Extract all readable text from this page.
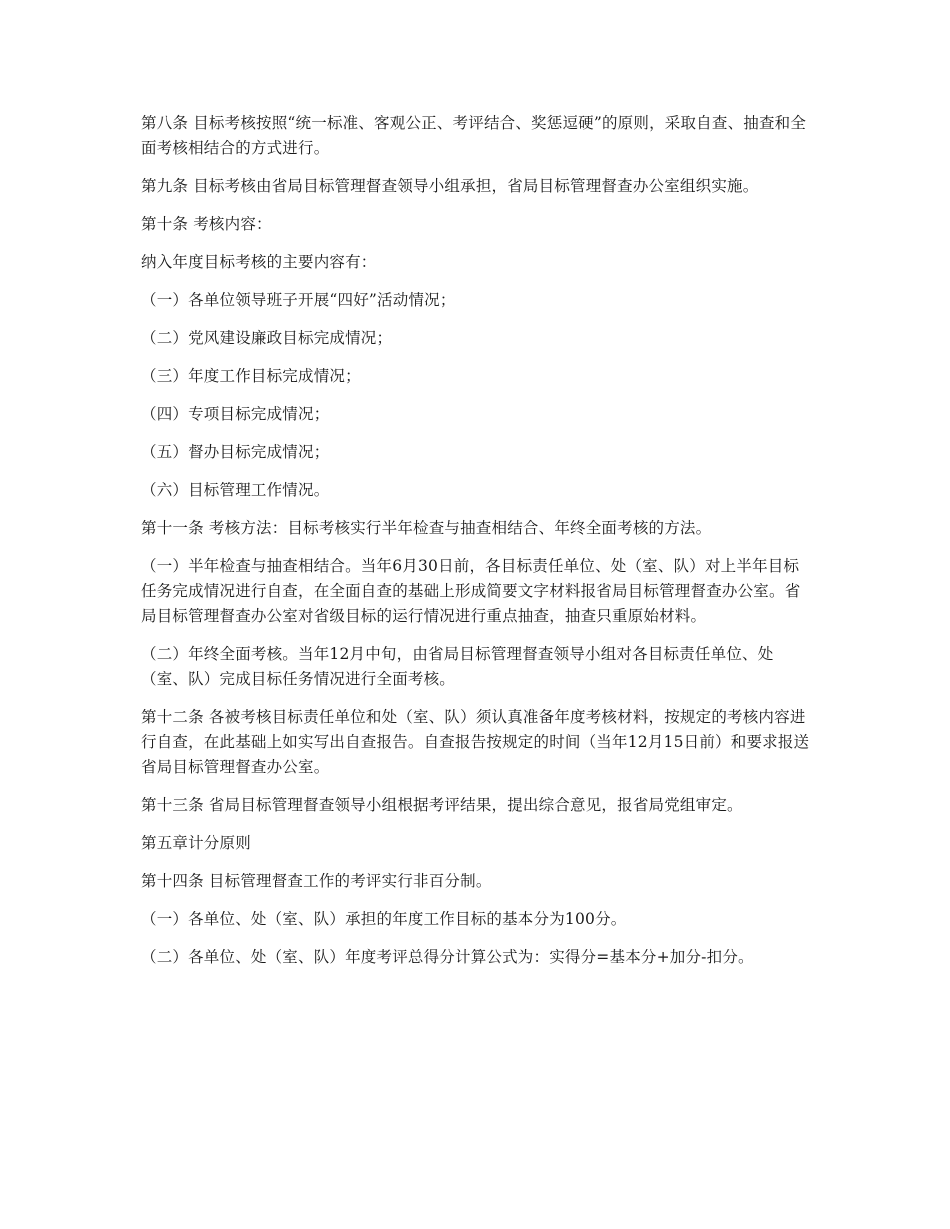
第八条 目标考核按照“统一标准、客观公正、考评结合、奖惩逗硬”的原则，采取自查、抽查和全面考核相结合的方式进行。

第九条 目标考核由省局目标管理督查领导小组承担，省局目标管理督查办公室组织实施。

第十条 考核内容：

纳入年度目标考核的主要内容有：

（一）各单位领导班子开展“四好”活动情况；

（二）党风建设廉政目标完成情况；

（三）年度工作目标完成情况；

（四）专项目标完成情况；

（五）督办目标完成情况；

（六）目标管理工作情况。

第十一条 考核方法：目标考核实行半年检查与抽查相结合、年终全面考核的方法。

（一）半年检查与抽查相结合。当年6月30日前，各目标责任单位、处（室、队）对上半年目标任务完成情况进行自查，在全面自查的基础上形成简要文字材料报省局目标管理督查办公室。省局目标管理督查办公室对省级目标的运行情况进行重点抽查，抽查只重原始材料。

（二）年终全面考核。当年12月中旬，由省局目标管理督查领导小组对各目标责任单位、处（室、队）完成目标任务情况进行全面考核。

第十二条 各被考核目标责任单位和处（室、队）须认真准备年度考核材料，按规定的考核内容进行自查，在此基础上如实写出自查报告。自查报告按规定的时间（当年12月15日前）和要求报送省局目标管理督查办公室。

第十三条 省局目标管理督查领导小组根据考评结果，提出综合意见，报省局党组审定。

第五章计分原则

第十四条 目标管理督查工作的考评实行非百分制。

（一）各单位、处（室、队）承担的年度工作目标的基本分为100分。

（二）各单位、处（室、队）年度考评总得分计算公式为：实得分=基本分+加分-扣分。
